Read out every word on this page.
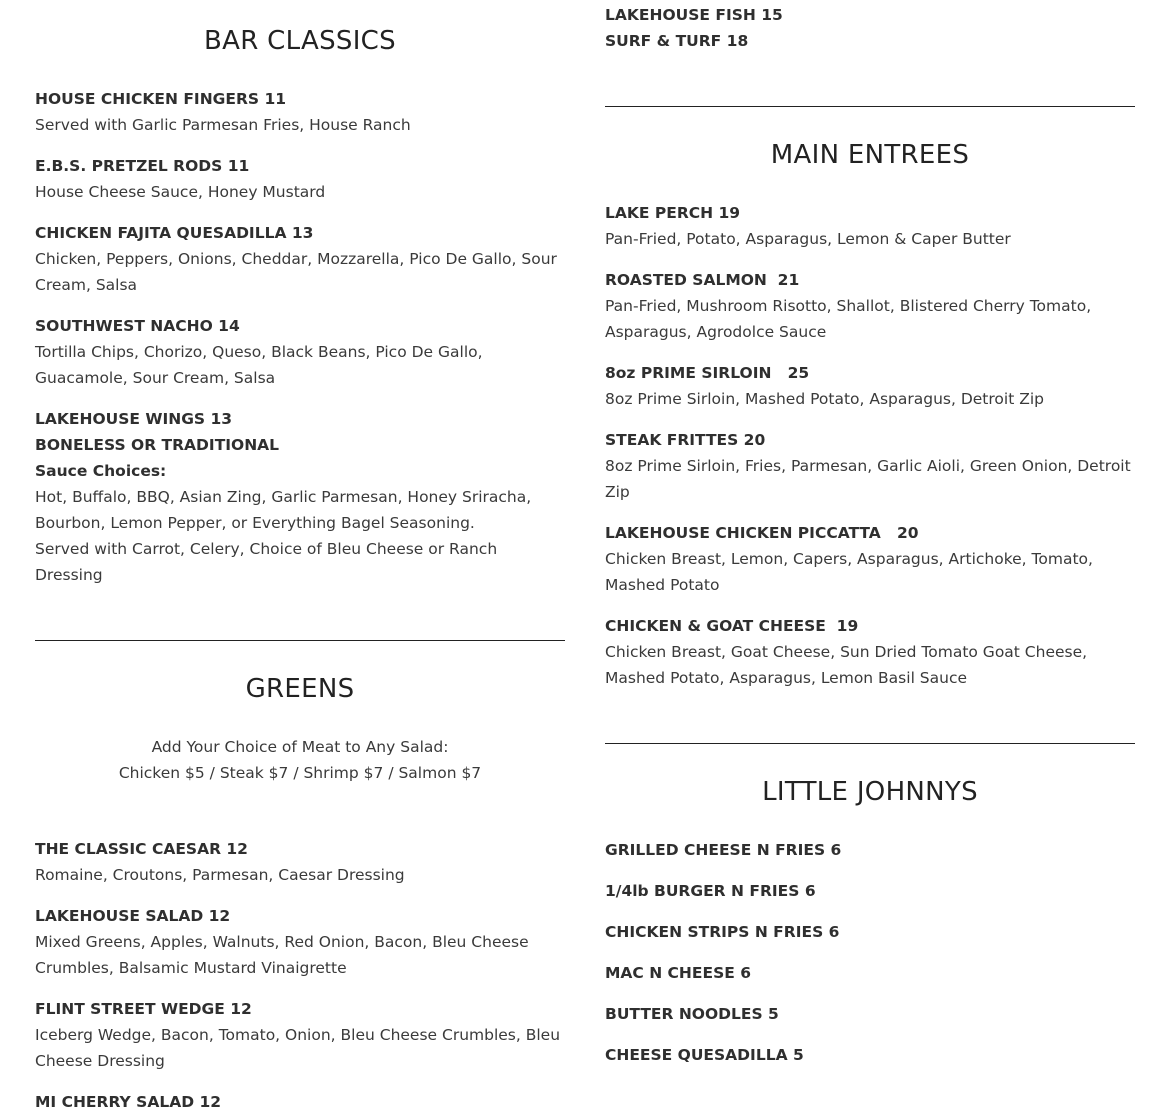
BAR CLASSICS
HOUSE CHICKEN FINGERS 11
Served with Garlic Parmesan Fries, House Ranch
E.B.S. PRETZEL RODS 11
House Cheese Sauce, Honey Mustard
CHICKEN FAJITA QUESADILLA 13
Chicken, Peppers, Onions, Cheddar, Mozzarella, Pico De Gallo, Sour Cream, Salsa
SOUTHWEST NACHO 14
Tortilla Chips, Chorizo, Queso, Black Beans, Pico De Gallo, Guacamole, Sour Cream, Salsa
LAKEHOUSE WINGS 13
BONELESS OR TRADITIONAL
Sauce Choices:
Hot, Buffalo, BBQ, Asian Zing, Garlic Parmesan, Honey Sriracha, Bourbon, Lemon Pepper, or Everything Bagel Seasoning.
Served with Carrot, Celery, Choice of Bleu Cheese or Ranch Dressing
GREENS
Add Your Choice of Meat to Any Salad:
Chicken $5 / Steak $7 / Shrimp $7 / Salmon $7
THE CLASSIC CAESAR 12
Romaine, Croutons, Parmesan, Caesar Dressing
LAKEHOUSE SALAD 12
Mixed Greens, Apples, Walnuts, Red Onion, Bacon, Bleu Cheese Crumbles, Balsamic Mustard Vinaigrette
FLINT STREET WEDGE 12
Iceberg Wedge, Bacon, Tomato, Onion, Bleu Cheese Crumbles, Bleu Cheese Dressing
MI CHERRY SALAD 12
LAKEHOUSE FISH 15
SURF & TURF 18
MAIN ENTREES
LAKE PERCH 19
Pan-Fried, Potato, Asparagus, Lemon & Caper Butter
ROASTED SALMON  21
Pan-Fried, Mushroom Risotto, Shallot, Blistered Cherry Tomato, Asparagus, Agrodolce Sauce
8oz PRIME SIRLOIN   25
8oz Prime Sirloin, Mashed Potato, Asparagus, Detroit Zip
STEAK FRITTES 20
8oz Prime Sirloin, Fries, Parmesan, Garlic Aioli, Green Onion, Detroit Zip
LAKEHOUSE CHICKEN PICCATTA   20
Chicken Breast, Lemon, Capers, Asparagus, Artichoke, Tomato, Mashed Potato
CHICKEN & GOAT CHEESE  19
Chicken Breast, Goat Cheese, Sun Dried Tomato Goat Cheese, Mashed Potato, Asparagus, Lemon Basil Sauce
LITTLE JOHNNYS
GRILLED CHEESE N FRIES 6
1/4lb BURGER N FRIES 6
CHICKEN STRIPS N FRIES 6
MAC N CHEESE 6
BUTTER NOODLES 5
CHEESE QUESADILLA 5
